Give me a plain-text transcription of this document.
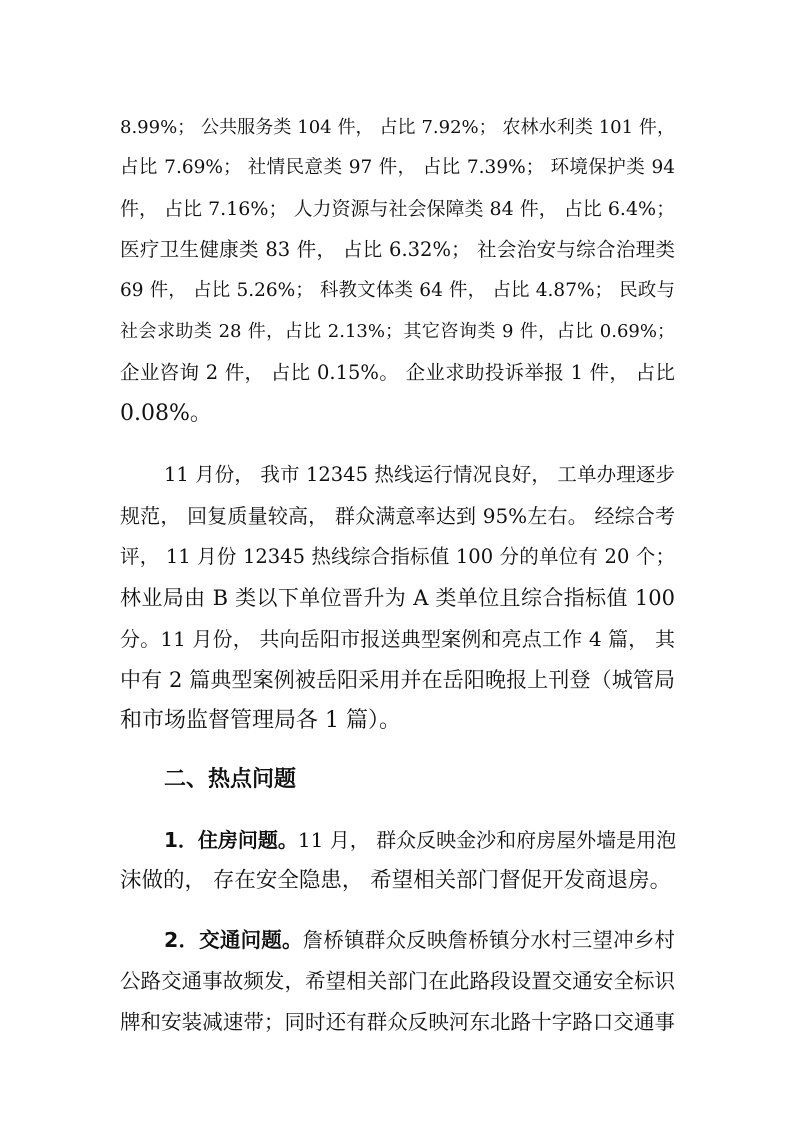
8.99%； 公共服务类 104 件， 占比 7.92%； 农林水利类 101 件，

占比 7.69%； 社情民意类 97 件， 占比 7.39%； 环境保护类 94

件， 占比 7.16%； 人力资源与社会保障类 84 件， 占比 6.4%；

医疗卫生健康类 83 件， 占比 6.32%； 社会治安与综合治理类

69 件， 占比 5.26%； 科教文体类 64 件， 占比 4.87%； 民政与

社会求助类 28 件，占比 2.13%；其它咨询类 9 件，占比 0.69%；

企业咨询 2 件， 占比 0.15%。 企业求助投诉举报 1 件， 占比

0.08%。

11 月份， 我市 12345 热线运行情况良好， 工单办理逐步

规范， 回复质量较高， 群众满意率达到 95%左右。 经综合考

评， 11 月份 12345 热线综合指标值 100 分的单位有 20 个；

林业局由 B 类以下单位晋升为 A 类单位且综合指标值 100

分。11 月份， 共向岳阳市报送典型案例和亮点工作 4 篇， 其

中有 2 篇典型案例被岳阳采用并在岳阳晚报上刊登（城管局

和市场监督管理局各 1 篇）。

二、热点问题

1．住房问题。11 月， 群众反映金沙和府房屋外墙是用泡

沫做的， 存在安全隐患， 希望相关部门督促开发商退房。

2．交通问题。詹桥镇群众反映詹桥镇分水村三望冲乡村

公路交通事故频发，希望相关部门在此路段设置交通安全标识

牌和安装减速带；同时还有群众反映河东北路十字路口交通事
